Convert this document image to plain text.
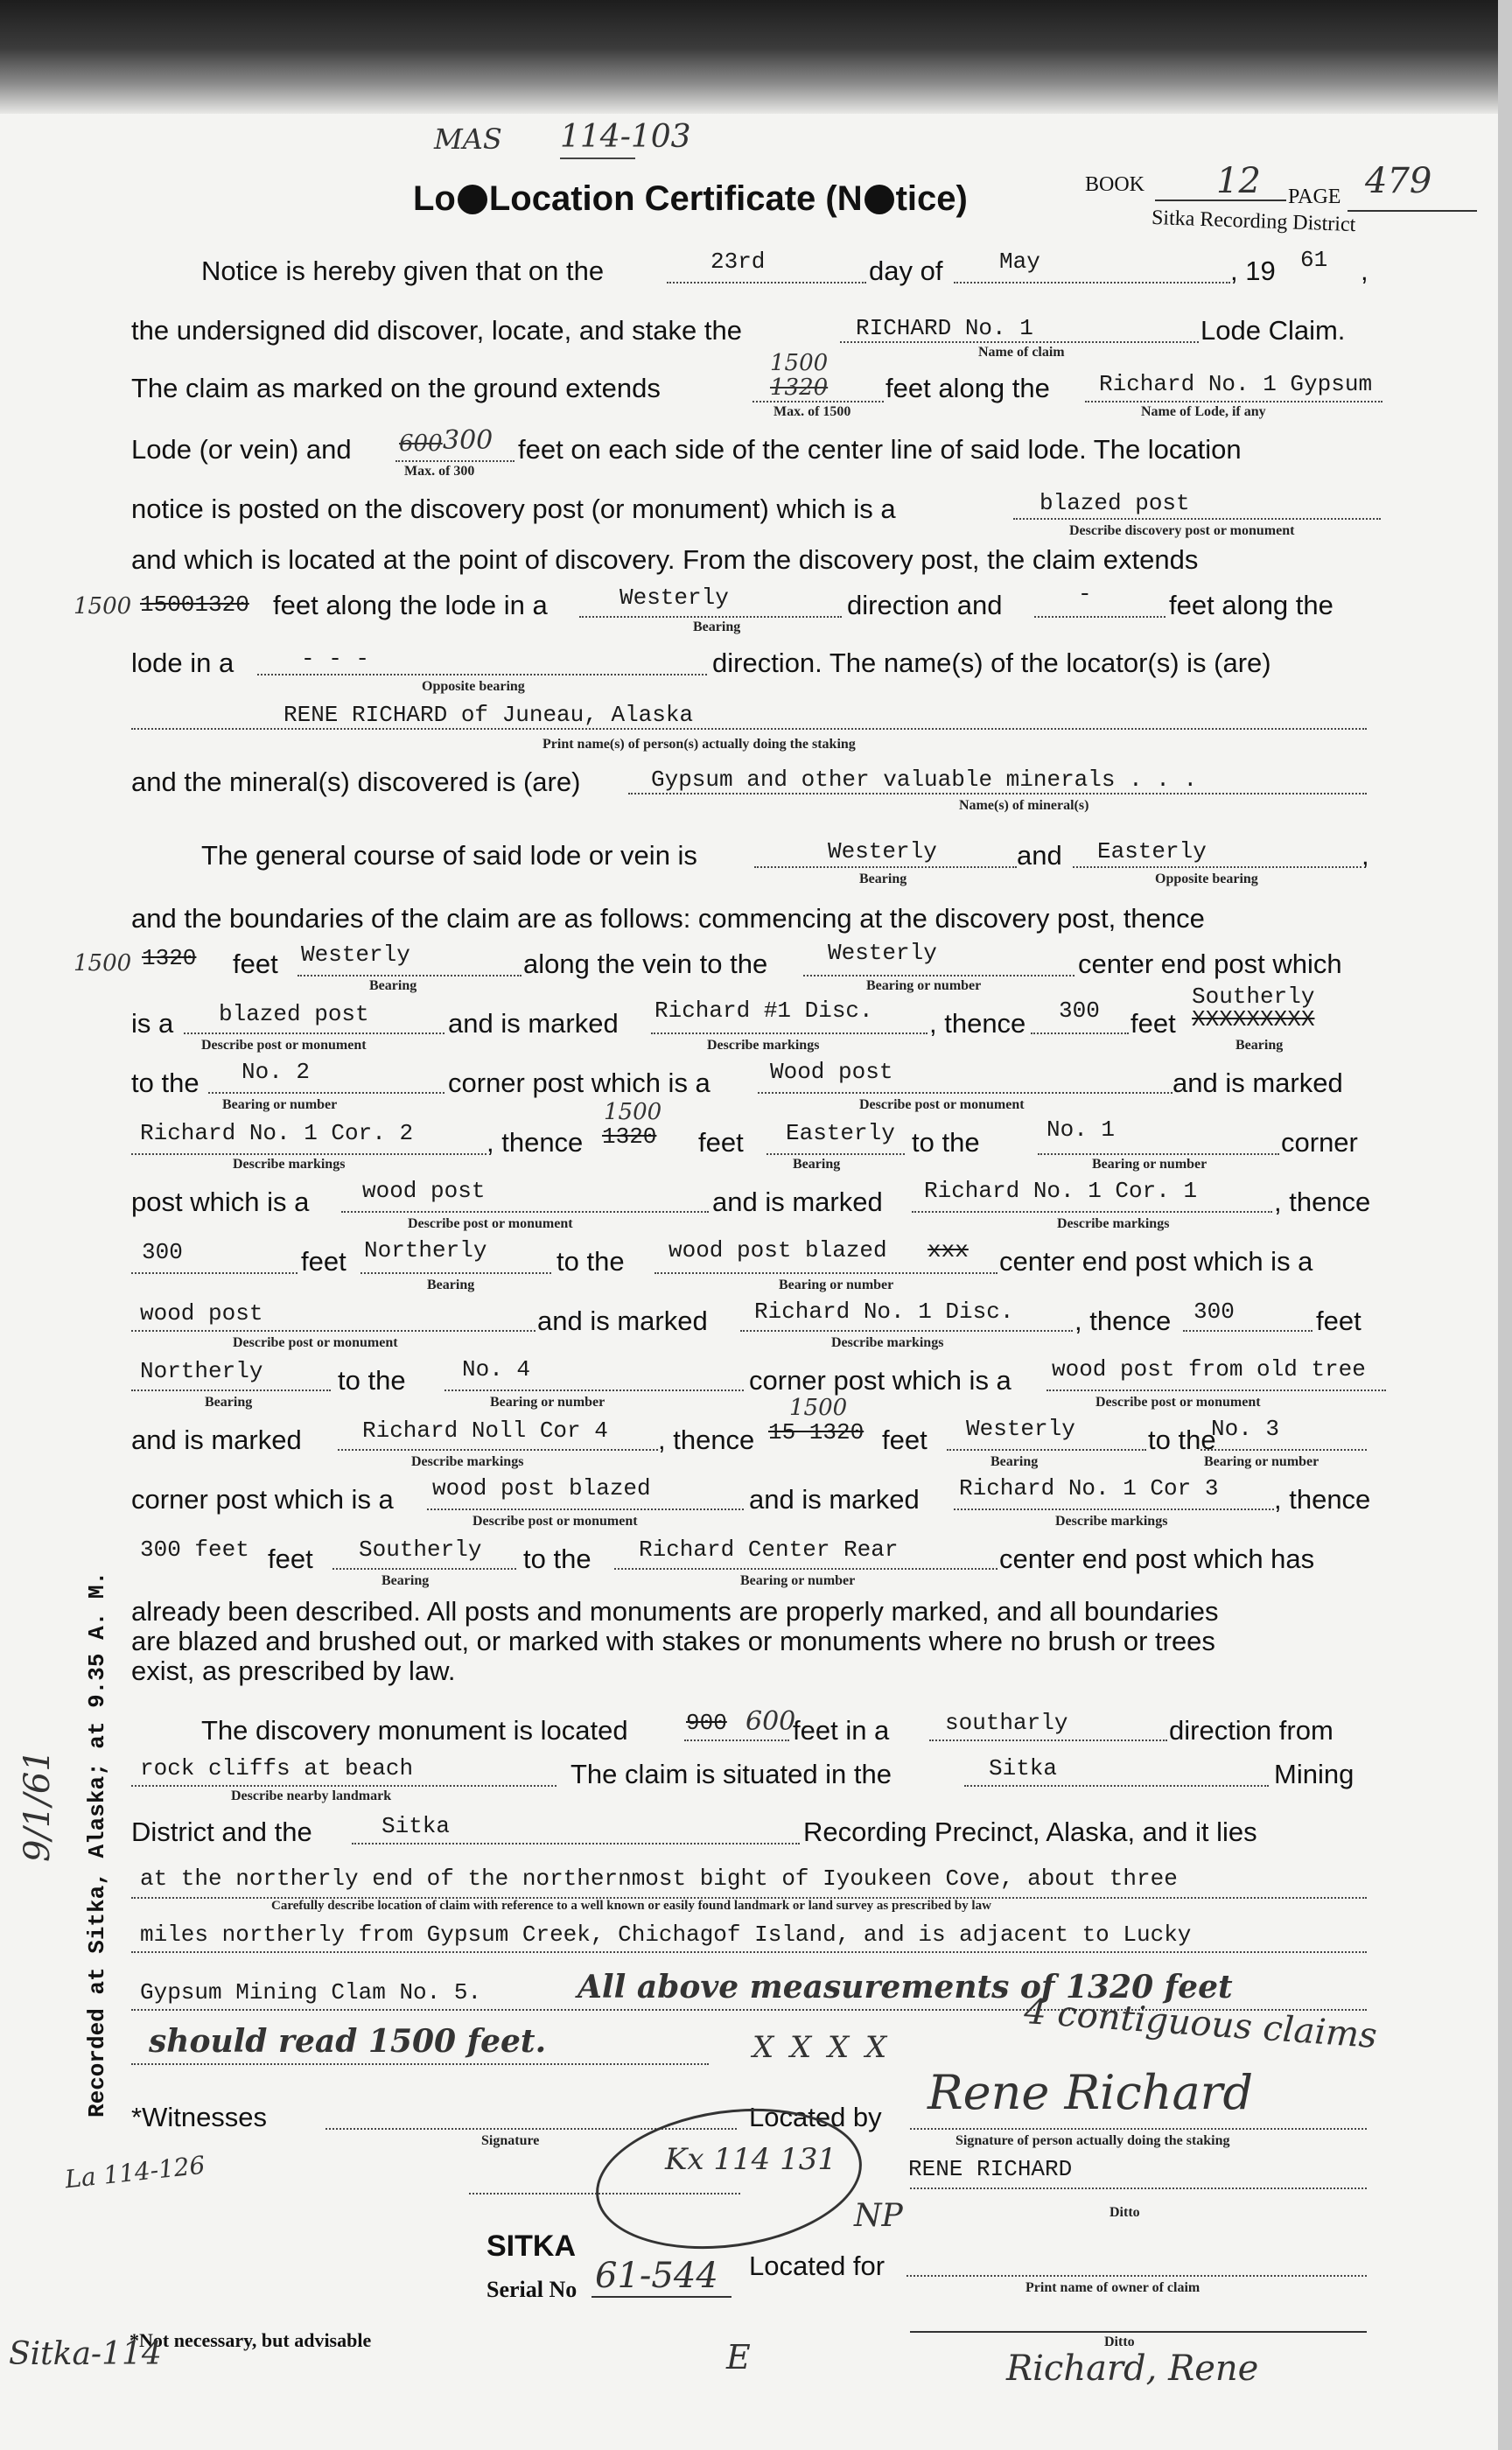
MAS 114-103
Lo Location Certificate (N tice)	BOOK 12 PAGE 479
Sitka Recording District
Notice is hereby given that on the	23rd	day of May	, 19 61 ,
the undersigned did discover, locate, and stake the	RICHARD No. 1	Lode Claim.
Name of claim
The claim as marked on the ground extends
1500
1320 feet along the Richard No. 1 Gypsum
Max. of 1500	Name of Lode, if any
Lode (or vein) and 600 300 feet on each side of the center line of said lode. The location
Max. of 300
notice is posted on the discovery post (or monument) which is a	blazed post
Describe discovery post or monument
and which is located at the point of discovery. From the discovery post, the claim extends
1500 15001320 feet along the lode in a	Westerly	direction and	-	feet along the
Bearing
lode in a	- - -	direction. The name(s) of the locator(s) is (are)
Opposite bearing
RENE RICHARD of Juneau, Alaska
Print name(s) of person(s) actually doing the staking
and the mineral(s) discovered is (are)	Gypsum and other valuable minerals . . .
Name(s) of mineral(s)
The general course of said lode or vein is	Westerly	and Easterly	,
Bearing	Opposite bearing
and the boundaries of the claim are as follows: commencing at the discovery post, thence
1500 1320 feet Westerly	along the vein to the	Westerly	center end post which
Bearing	Bearing or number
is a blazed post	and is marked Richard #1 Disc. , thence 300 feet
Southerly
XXXXXXXXX
Describe post or monument	Describe markings	Bearing
to the No. 2	corner post which is a	Wood post	and is marked
Bearing or number	Describe post or monument
Richard No. 1 Cor. 2	, thence
1500
1320 feet Easterly to the	No. 1	corner
Describe markings	Bearing	Bearing or number
post which is a wood post	and is marked Richard No. 1 Cor. 1	, thence
Describe post or monument	Describe markings
300	feet Northerly	to the wood post blazed xxx center end post which is a
Bearing	Bearing or number
wood post	and is marked Richard No. 1 Disc. , thence 300	feet
Describe post or monument	Describe markings
Northerly	to the No. 4	corner post which is a wood post from old tree
Bearing	Bearing or number	Describe post or monument
and is marked	Richard Noll Cor 4 , thence
1500
15 1320 feet Westerly	to the
No. 3
Describe markings	Bearing	Bearing or number
corner post which is a wood post blazed	and is marked Richard No. 1 Cor 3 , thence
Describe post or monument	Describe markings
300 feet feet Southerly to the Richard Center Rear	center end post which has
Bearing	Bearing or number
already been described. All posts and monuments are properly marked, and all boundaries
are blazed and brushed out, or marked with stakes or monuments where no brush or trees
exist, as prescribed by law.
The discovery monument is located	900 600
feet in a southarly	direction from
rock cliffs at beach	The claim is situated in the	Sitka	Mining
Describe nearby landmark
District and the	Sitka	Recording Precinct, Alaska, and it lies
at the northerly end of the northernmost bight of Iyoukeen Cove, about three
Carefully describe location of claim with reference to a well known or easily found landmark or land survey as prescribed by law
miles northerly from Gypsum Creek, Chichagof Island, and is adjacent to Lucky
Gypsum Mining Clam No. 5.	All above measurements of 1320 feet
should read 1500 feet.	X X X X	4 contiguous claims
*Witnesses
Signature
Located by Rene Richard
Signature of person actually doing the staking
RENE RICHARD
Ditto
Kx 114 131
NP
SITKA
Serial No 61-544 Located for
Print name of owner of claim
*Not necessary, but advisable	Ditto
Sitka-114	E	Richard, Rene
La 114-126
Recorded at Sitka, Alaska; at 9.35 A. M.
9/1/61
